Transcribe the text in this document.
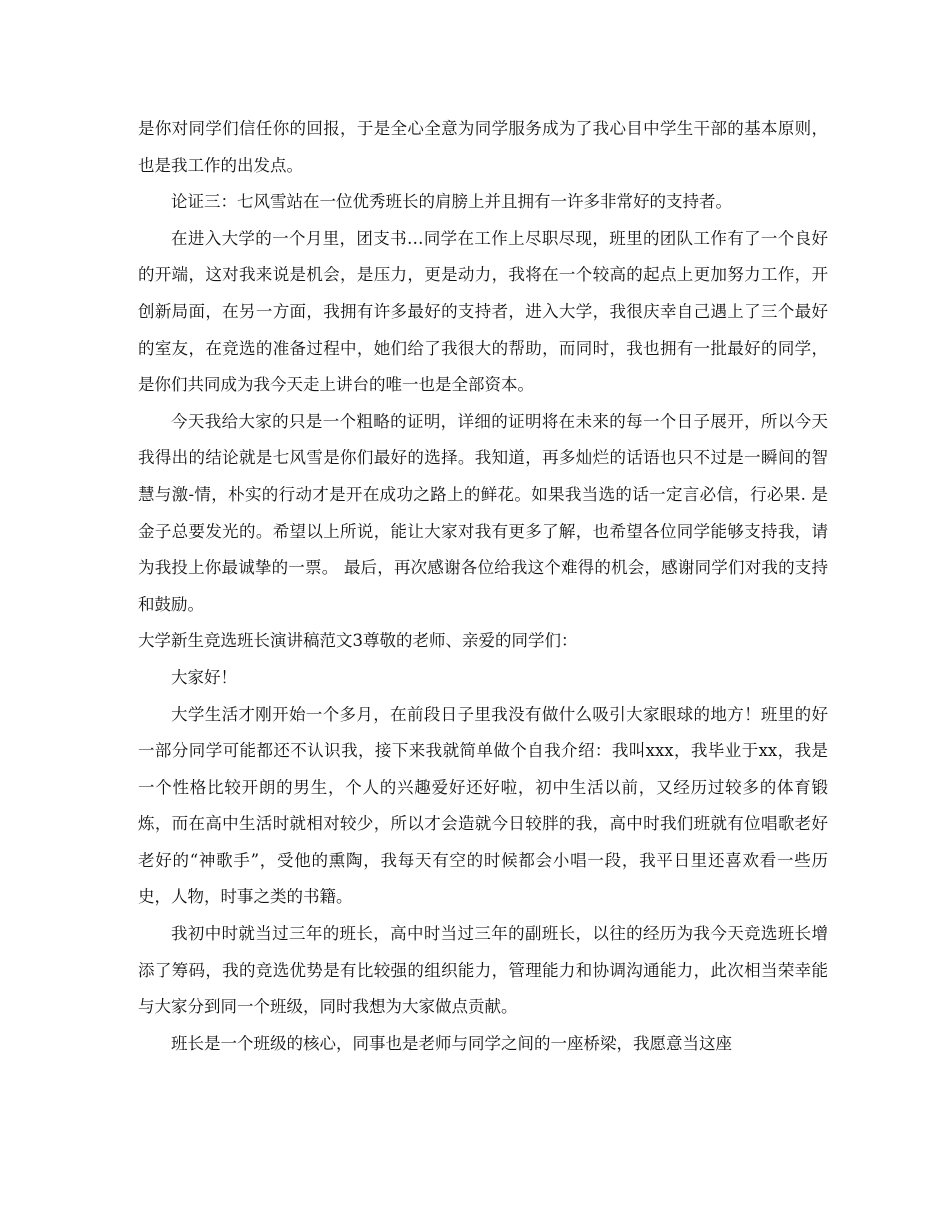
是你对同学们信任你的回报，于是全心全意为同学服务成为了我心目中学生干部的基本原则，也是我工作的出发点。

论证三：七风雪站在一位优秀班长的肩膀上并且拥有一许多非常好的支持者。

在进入大学的一个月里，团支书…同学在工作上尽职尽现，班里的团队工作有了一个良好的开端，这对我来说是机会，是压力，更是动力，我将在一个较高的起点上更加努力工作，开创新局面，在另一方面，我拥有许多最好的支持者，进入大学，我很庆幸自己遇上了三个最好的室友，在竞选的准备过程中，她们给了我很大的帮助，而同时，我也拥有一批最好的同学，是你们共同成为我今天走上讲台的唯一也是全部资本。

今天我给大家的只是一个粗略的证明，详细的证明将在未来的每一个日子展开，所以今天我得出的结论就是七风雪是你们最好的选择。我知道，再多灿烂的话语也只不过是一瞬间的智慧与激-情，朴实的行动才是开在成功之路上的鲜花。如果我当选的话一定言必信，行必果. 是金子总要发光的。希望以上所说，能让大家对我有更多了解，也希望各位同学能够支持我，请为我投上你最诚挚的一票。 最后，再次感谢各位给我这个难得的机会，感谢同学们对我的支持和鼓励。

大学新生竞选班长演讲稿范文3尊敬的老师、亲爱的同学们：

大家好！

大学生活才刚开始一个多月，在前段日子里我没有做什么吸引大家眼球的地方！班里的好一部分同学可能都还不认识我，接下来我就简单做个自我介绍：我叫xxx，我毕业于xx，我是一个性格比较开朗的男生，个人的兴趣爱好还好啦，初中生活以前，又经历过较多的体育锻炼，而在高中生活时就相对较少，所以才会造就今日较胖的我，高中时我们班就有位唱歌老好老好的“神歌手”，受他的熏陶，我每天有空的时候都会小唱一段，我平日里还喜欢看一些历史，人物，时事之类的书籍。

我初中时就当过三年的班长，高中时当过三年的副班长，以往的经历为我今天竞选班长增添了筹码，我的竞选优势是有比较强的组织能力，管理能力和协调沟通能力，此次相当荣幸能与大家分到同一个班级，同时我想为大家做点贡献。

班长是一个班级的核心，同事也是老师与同学之间的一座桥梁，我愿意当这座
